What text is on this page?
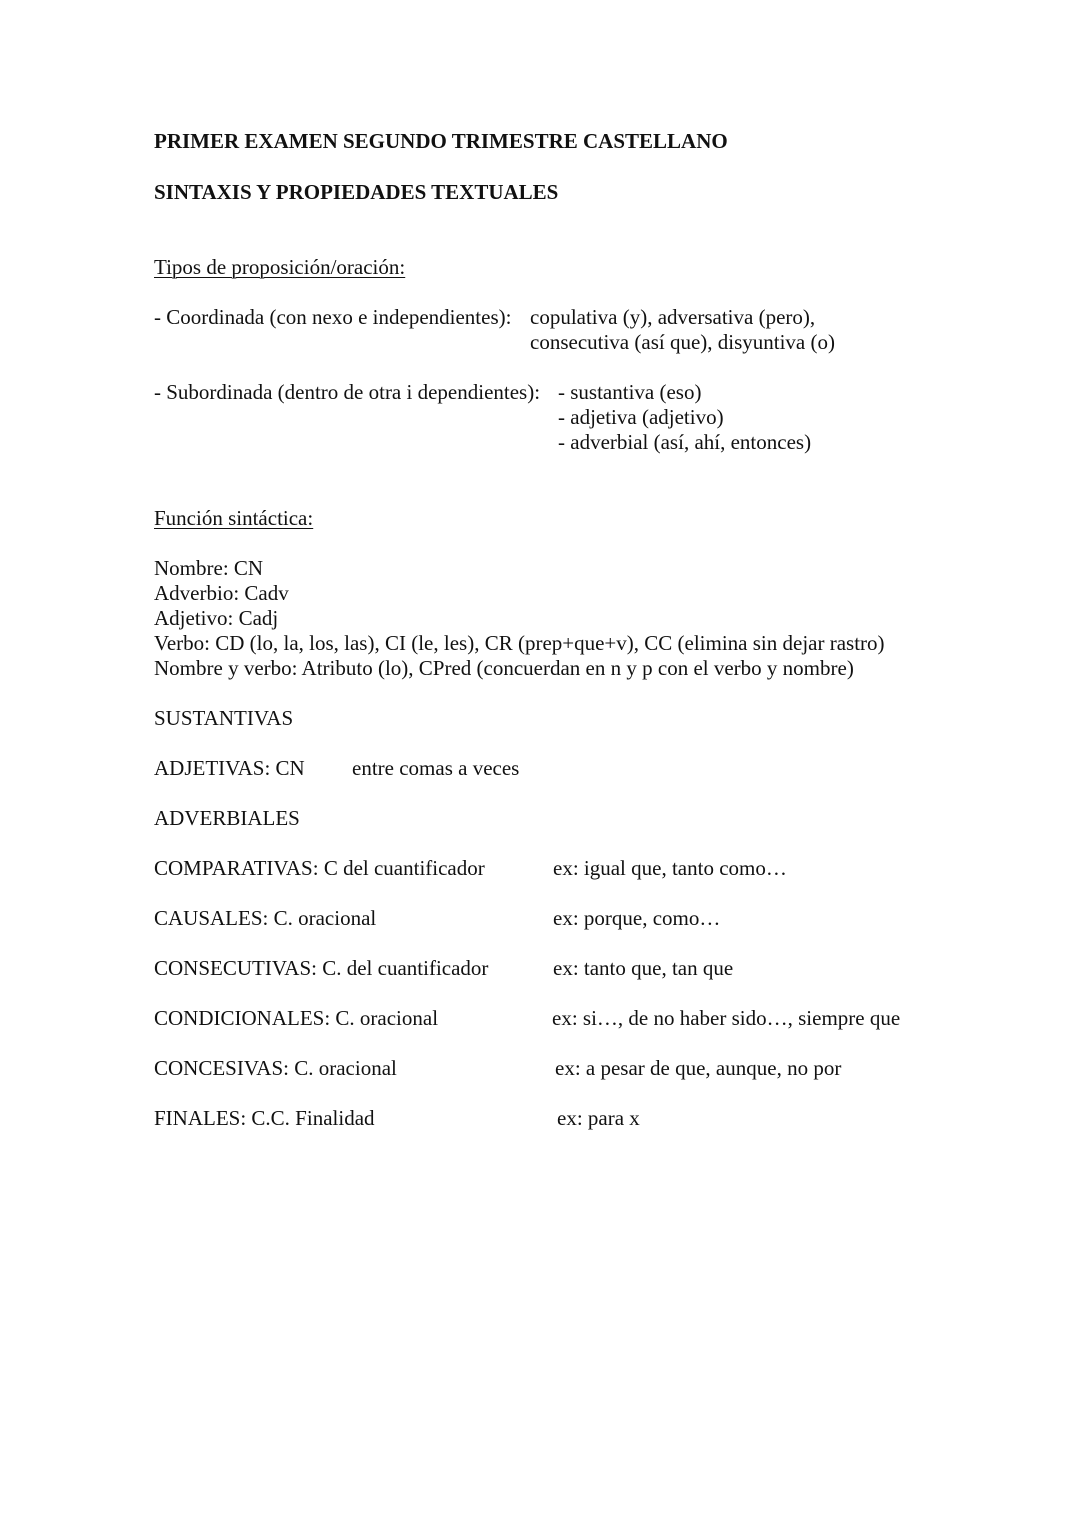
PRIMER EXAMEN SEGUNDO TRIMESTRE CASTELLANO
SINTAXIS Y PROPIEDADES TEXTUALES
Tipos de proposición/oración:
- Coordinada (con nexo e independientes): copulativa (y), adversativa (pero),
consecutiva (así que), disyuntiva (o)
- Subordinada (dentro de otra i dependientes): - sustantiva (eso)
- adjetiva (adjetivo)
- adverbial (así, ahí, entonces)
Función sintáctica:
Nombre: CN
Adverbio: Cadv
Adjetivo: Cadj
Verbo: CD (lo, la, los, las), CI (le, les), CR (prep+que+v), CC (elimina sin dejar rastro)
Nombre y verbo: Atributo (lo), CPred (concuerdan en n y p con el verbo y nombre)
SUSTANTIVAS
ADJETIVAS: CN entre comas a veces
ADVERBIALES
COMPARATIVAS: C del cuantificador	ex: igual que, tanto como…
CAUSALES: C. oracional	ex: porque, como…
CONSECUTIVAS: C. del cuantificador	ex: tanto que, tan que
CONDICIONALES: C. oracional	ex: si…, de no haber sido…, siempre que
CONCESIVAS: C. oracional	ex: a pesar de que, aunque, no por
FINALES: C.C. Finalidad	ex: para x
